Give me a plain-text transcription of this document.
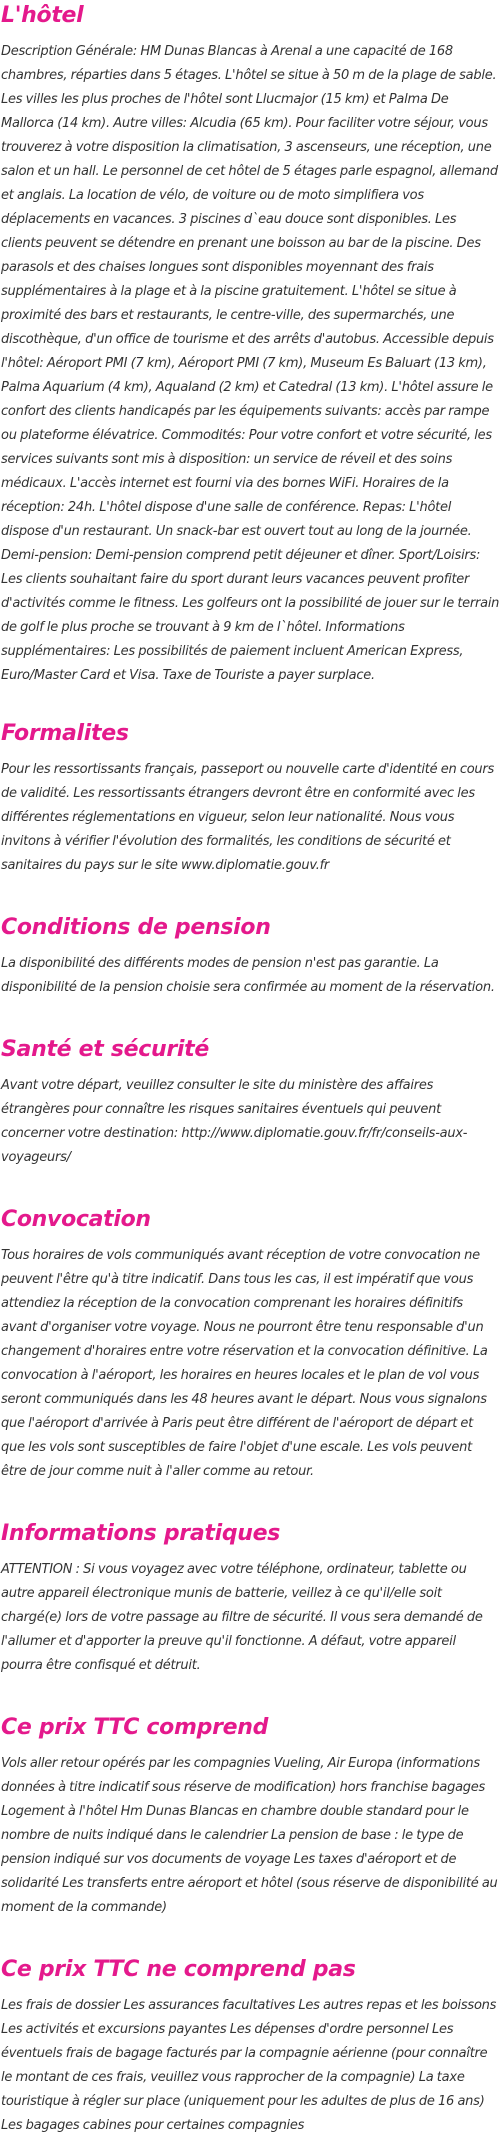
L'hôtel

Description Générale: HM Dunas Blancas à Arenal a une capacité de 168 chambres, réparties dans 5 étages. L'hôtel se situe à 50 m de la plage de sable. Les villes les plus proches de l'hôtel sont Llucmajor (15 km) et Palma De Mallorca (14 km). Autre villes: Alcudia (65 km). Pour faciliter votre séjour, vous trouverez à votre disposition la climatisation, 3 ascenseurs, une réception, une salon et un hall. Le personnel de cet hôtel de 5 étages parle espagnol, allemand et anglais. La location de vélo, de voiture ou de moto simplifiera vos déplacements en vacances. 3 piscines d`eau douce sont disponibles. Les clients peuvent se détendre en prenant une boisson au bar de la piscine. Des parasols et des chaises longues sont disponibles moyennant des frais supplémentaires à la plage et à la piscine gratuitement. L'hôtel se situe à proximité des bars et restaurants, le centre-ville, des supermarchés, une discothèque, d'un office de tourisme et des arrêts d'autobus. Accessible depuis l'hôtel: Aéroport PMI (7 km), Aéroport PMI (7 km), Museum Es Baluart (13 km), Palma Aquarium (4 km), Aqualand (2 km) et Catedral (13 km). L'hôtel assure le confort des clients handicapés par les équipements suivants: accès par rampe ou plateforme élévatrice. Commodités: Pour votre confort et votre sécurité, les services suivants sont mis à disposition: un service de réveil et des soins médicaux. L'accès internet est fourni via des bornes WiFi. Horaires de la réception: 24h. L'hôtel dispose d'une salle de conférence. Repas: L'hôtel dispose d'un restaurant. Un snack-bar est ouvert tout au long de la journée. Demi-pension: Demi-pension comprend petit déjeuner et dîner. Sport/Loisirs: Les clients souhaitant faire du sport durant leurs vacances peuvent profiter d'activités comme le fitness. Les golfeurs ont la possibilité de jouer sur le terrain de golf le plus proche se trouvant à 9 km de l`hôtel. Informations supplémentaires: Les possibilités de paiement incluent American Express, Euro/Master Card et Visa. Taxe de Touriste a payer surplace.

Formalites

Pour les ressortissants français, passeport ou nouvelle carte d'identité en cours de validité. Les ressortissants étrangers devront être en conformité avec les différentes réglementations en vigueur, selon leur nationalité. Nous vous invitons à vérifier l'évolution des formalités, les conditions de sécurité et sanitaires du pays sur le site www.diplomatie.gouv.fr

Conditions de pension

La disponibilité des différents modes de pension n'est pas garantie. La disponibilité de la pension choisie sera confirmée au moment de la réservation.

Santé et sécurité

Avant votre départ, veuillez consulter le site du ministère des affaires étrangères pour connaître les risques sanitaires éventuels qui peuvent concerner votre destination: http://www.diplomatie.gouv.fr/fr/conseils-aux-voyageurs/

Convocation

Tous horaires de vols communiqués avant réception de votre convocation ne peuvent l'être qu'à titre indicatif. Dans tous les cas, il est impératif que vous attendiez la réception de la convocation comprenant les horaires définitifs avant d'organiser votre voyage. Nous ne pourront être tenu responsable d'un changement d'horaires entre votre réservation et la convocation définitive. La convocation à l'aéroport, les horaires en heures locales et le plan de vol vous seront communiqués dans les 48 heures avant le départ. Nous vous signalons que l'aéroport d'arrivée à Paris peut être différent de l'aéroport de départ et que les vols sont susceptibles de faire l'objet d'une escale. Les vols peuvent être de jour comme nuit à l'aller comme au retour.

Informations pratiques

ATTENTION : Si vous voyagez avec votre téléphone, ordinateur, tablette ou autre appareil électronique munis de batterie, veillez à ce qu'il/elle soit chargé(e) lors de votre passage au filtre de sécurité. Il vous sera demandé de l'allumer et d'apporter la preuve qu'il fonctionne. A défaut, votre appareil pourra être confisqué et détruit.

Ce prix TTC comprend

Vols aller retour opérés par les compagnies Vueling, Air Europa (informations données à titre indicatif sous réserve de modification) hors franchise bagages Logement à l'hôtel Hm Dunas Blancas en chambre double standard pour le nombre de nuits indiqué dans le calendrier La pension de base : le type de pension indiqué sur vos documents de voyage Les taxes d'aéroport et de solidarité Les transferts entre aéroport et hôtel (sous réserve de disponibilité au moment de la commande)

Ce prix TTC ne comprend pas

Les frais de dossier Les assurances facultatives Les autres repas et les boissons Les activités et excursions payantes Les dépenses d'ordre personnel Les éventuels frais de bagage facturés par la compagnie aérienne (pour connaître le montant de ces frais, veuillez vous rapprocher de la compagnie) La taxe touristique à régler sur place (uniquement pour les adultes de plus de 16 ans) Les bagages cabines pour certaines compagnies
